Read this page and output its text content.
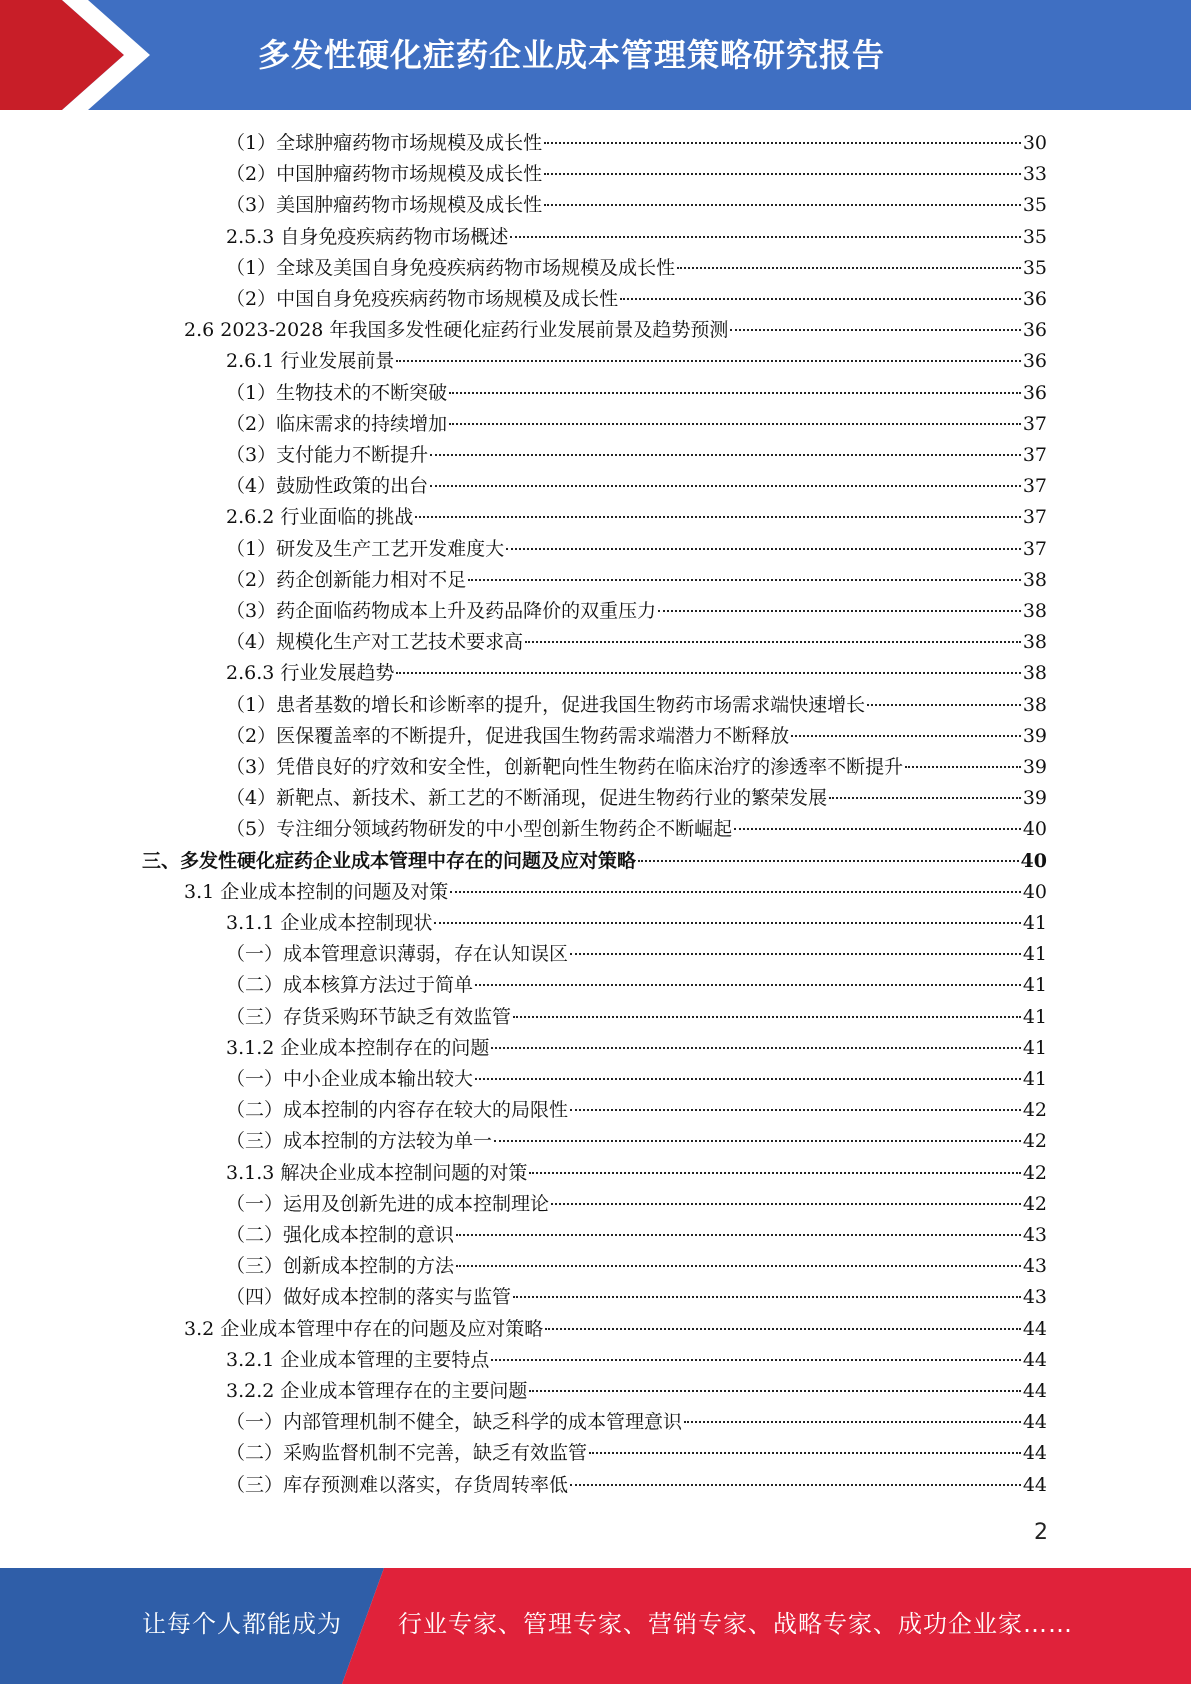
多发性硬化症药企业成本管理策略研究报告
（1）全球肿瘤药物市场规模及成长性	30
（2）中国肿瘤药物市场规模及成长性	33
（3）美国肿瘤药物市场规模及成长性	35
2.5.3 自身免疫疾病药物市场概述	35
（1）全球及美国自身免疫疾病药物市场规模及成长性	35
（2）中国自身免疫疾病药物市场规模及成长性	36
2.6 2023-2028 年我国多发性硬化症药行业发展前景及趋势预测	36
2.6.1 行业发展前景	36
（1）生物技术的不断突破	36
（2）临床需求的持续增加	37
（3）支付能力不断提升	37
（4）鼓励性政策的出台	37
2.6.2 行业面临的挑战	37
（1）研发及生产工艺开发难度大	37
（2）药企创新能力相对不足	38
（3）药企面临药物成本上升及药品降价的双重压力	38
（4）规模化生产对工艺技术要求高	38
2.6.3 行业发展趋势	38
（1）患者基数的增长和诊断率的提升，促进我国生物药市场需求端快速增长	38
（2）医保覆盖率的不断提升，促进我国生物药需求端潜力不断释放	39
（3）凭借良好的疗效和安全性，创新靶向性生物药在临床治疗的渗透率不断提升	39
（4）新靶点、新技术、新工艺的不断涌现，促进生物药行业的繁荣发展	39
（5）专注细分领域药物研发的中小型创新生物药企不断崛起	40
三、多发性硬化症药企业成本管理中存在的问题及应对策略	40
3.1 企业成本控制的问题及对策	40
3.1.1 企业成本控制现状	41
（一）成本管理意识薄弱，存在认知误区	41
（二）成本核算方法过于简单	41
（三）存货采购环节缺乏有效监管	41
3.1.2 企业成本控制存在的问题	41
（一）中小企业成本输出较大	41
（二）成本控制的内容存在较大的局限性	42
（三）成本控制的方法较为单一	42
3.1.3 解决企业成本控制问题的对策	42
（一）运用及创新先进的成本控制理论	42
（二）强化成本控制的意识	43
（三）创新成本控制的方法	43
（四）做好成本控制的落实与监管	43
3.2 企业成本管理中存在的问题及应对策略	44
3.2.1 企业成本管理的主要特点	44
3.2.2 企业成本管理存在的主要问题	44
（一）内部管理机制不健全，缺乏科学的成本管理意识	44
（二）采购监督机制不完善，缺乏有效监管	44
（三）库存预测难以落实，存货周转率低	44
2
让每个人都能成为 行业专家、管理专家、营销专家、战略专家、成功企业家……
